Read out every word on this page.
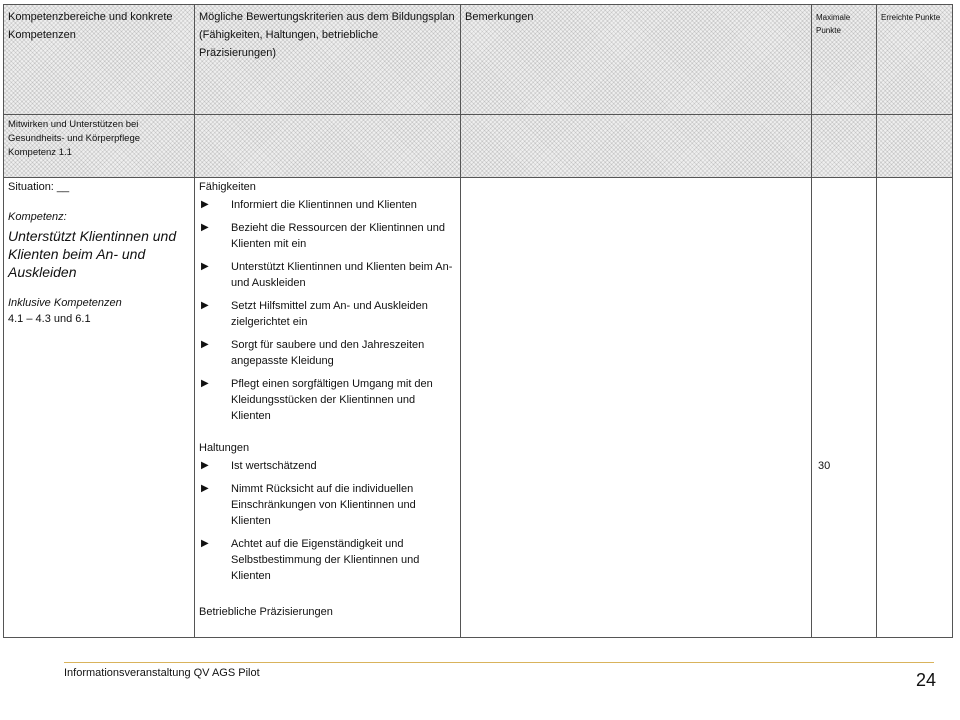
Kompetenzbereiche und konkrete Kompetenzen
Mögliche Bewertungskriterien aus dem Bildungsplan (Fähigkeiten, Haltungen, betriebliche Präzisierungen)
Bemerkungen	Maximale Punkte
Erreichte Punkte
Mitwirken und Unterstützen bei Gesundheits- und Körperpflege Kompetenz 1.1
Situation: __
Kompetenz:
Unterstützt Klientinnen und Klienten beim An- und Auskleiden
Inklusive Kompetenzen
4.1 – 4.3 und 6.1
Fähigkeiten
▶ Informiert die Klientinnen und Klienten
▶ Bezieht die Ressourcen der Klientinnen und Klienten mit ein
▶ Unterstützt Klientinnen und Klienten beim An- und Auskleiden
▶ Setzt Hilfsmittel zum An- und Auskleiden zielgerichtet ein
▶ Sorgt für saubere und den Jahreszeiten angepasste Kleidung
▶ Pflegt einen sorgfältigen Umgang mit den Kleidungsstücken der Klientinnen und Klienten
Haltungen
▶ Ist wertschätzend
▶ Nimmt Rücksicht auf die individuellen Einschränkungen von Klientinnen und Klienten
▶ Achtet auf die Eigenständigkeit und Selbstbestimmung der Klientinnen und Klienten
Betriebliche Präzisierungen
30
Informationsveranstaltung QV AGS Pilot	24
